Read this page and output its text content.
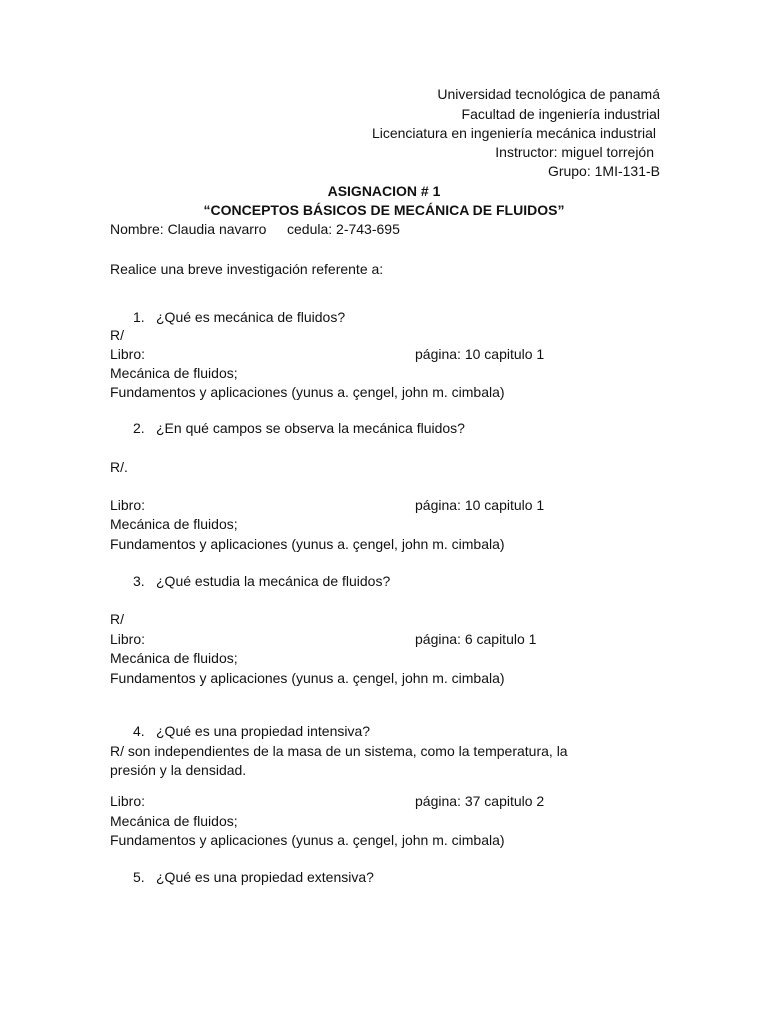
Universidad tecnológica de panamá
Facultad de ingeniería industrial
Licenciatura en ingeniería mecánica industrial
Instructor: miguel torrejón
Grupo: 1MI-131-B
ASIGNACION # 1
“CONCEPTOS BÁSICOS DE MECÁNICA DE FLUIDOS”
Nombre: Claudia navarro cedula: 2-743-695
Realice una breve investigación referente a:
1. ¿Qué es mecánica de fluidos?
R/
Libro:	página: 10 capitulo 1
Mecánica de fluidos;
Fundamentos y aplicaciones (yunus a. çengel, john m. cimbala)
2. ¿En qué campos se observa la mecánica fluidos?
R/.
Libro:	página: 10 capitulo 1
Mecánica de fluidos;
Fundamentos y aplicaciones (yunus a. çengel, john m. cimbala)
3. ¿Qué estudia la mecánica de fluidos?
R/
Libro:	página: 6 capitulo 1
Mecánica de fluidos;
Fundamentos y aplicaciones (yunus a. çengel, john m. cimbala)
4. ¿Qué es una propiedad intensiva?
R/ son independientes de la masa de un sistema, como la temperatura, la
presión y la densidad.
Libro:	página: 37 capitulo 2
Mecánica de fluidos;
Fundamentos y aplicaciones (yunus a. çengel, john m. cimbala)
5. ¿Qué es una propiedad extensiva?
